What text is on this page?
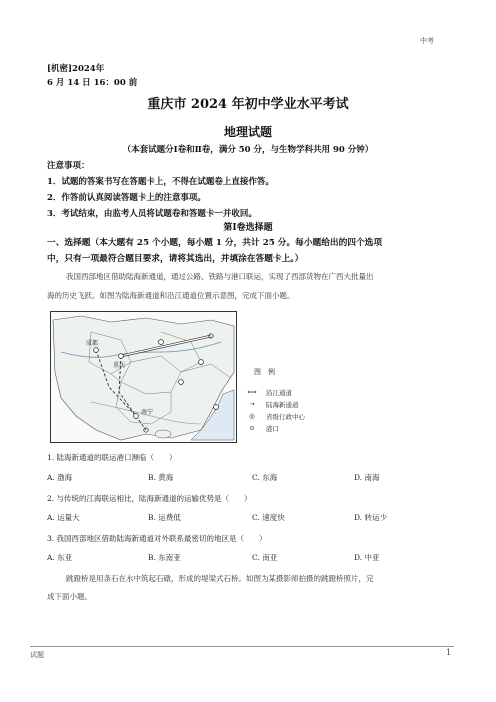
中考
[机密]2024年
6 月 14 日 16：00 前
重庆市 2024 年初中学业水平考试
地理试题
（本套试题分Ⅰ卷和Ⅱ卷，满分 50 分，与生物学科共用 90 分钟）
注意事项：
1．试题的答案书写在答题卡上，不得在试题卷上直接作答。
2．作答前认真阅读答题卡上的注意事项。
3．考试结束，由监考人员将试题卷和答题卡一并收回。
第Ⅰ卷选择题
一、选择题（本大题有 25 个小题，每小题 1 分，共计 25 分。每小题给出的四个选项
中，只有一项最符合题目要求，请将其选出，并填涂在答题卡上。）
我国西部地区借助陆海新通道，通过公路、铁路与港口联运，实现了西部货物在广西大批量出
海的历史飞跃。如图为陆海新通道和沿江通道位置示意图，完成下面小题。
成都
重庆
南宁
图　例
⟺	沿江通道
⇢	陆海新通道
◎	省级行政中心
⊙	港口
1. 陆海新通道的联运港口濒临（　　）
A. 渤海	B. 黄海	C. 东海	D. 南海
2. 与传统的江海联运相比，陆海新通道的运输优势是（　　）
A. 运量大	B. 运费低	C. 速度快	D. 转运少
3. 我国西部地区借助陆海新通道对外联系最密切的地区是（　　）
A. 东亚	B. 东南亚	C. 南亚	D. 中亚
跳蹬桥是用条石在水中筑起石礅，形成的堤梁式石桥。如图为某摄影师拍摄的跳蹬桥照片，完
成下面小题。
试题	1
